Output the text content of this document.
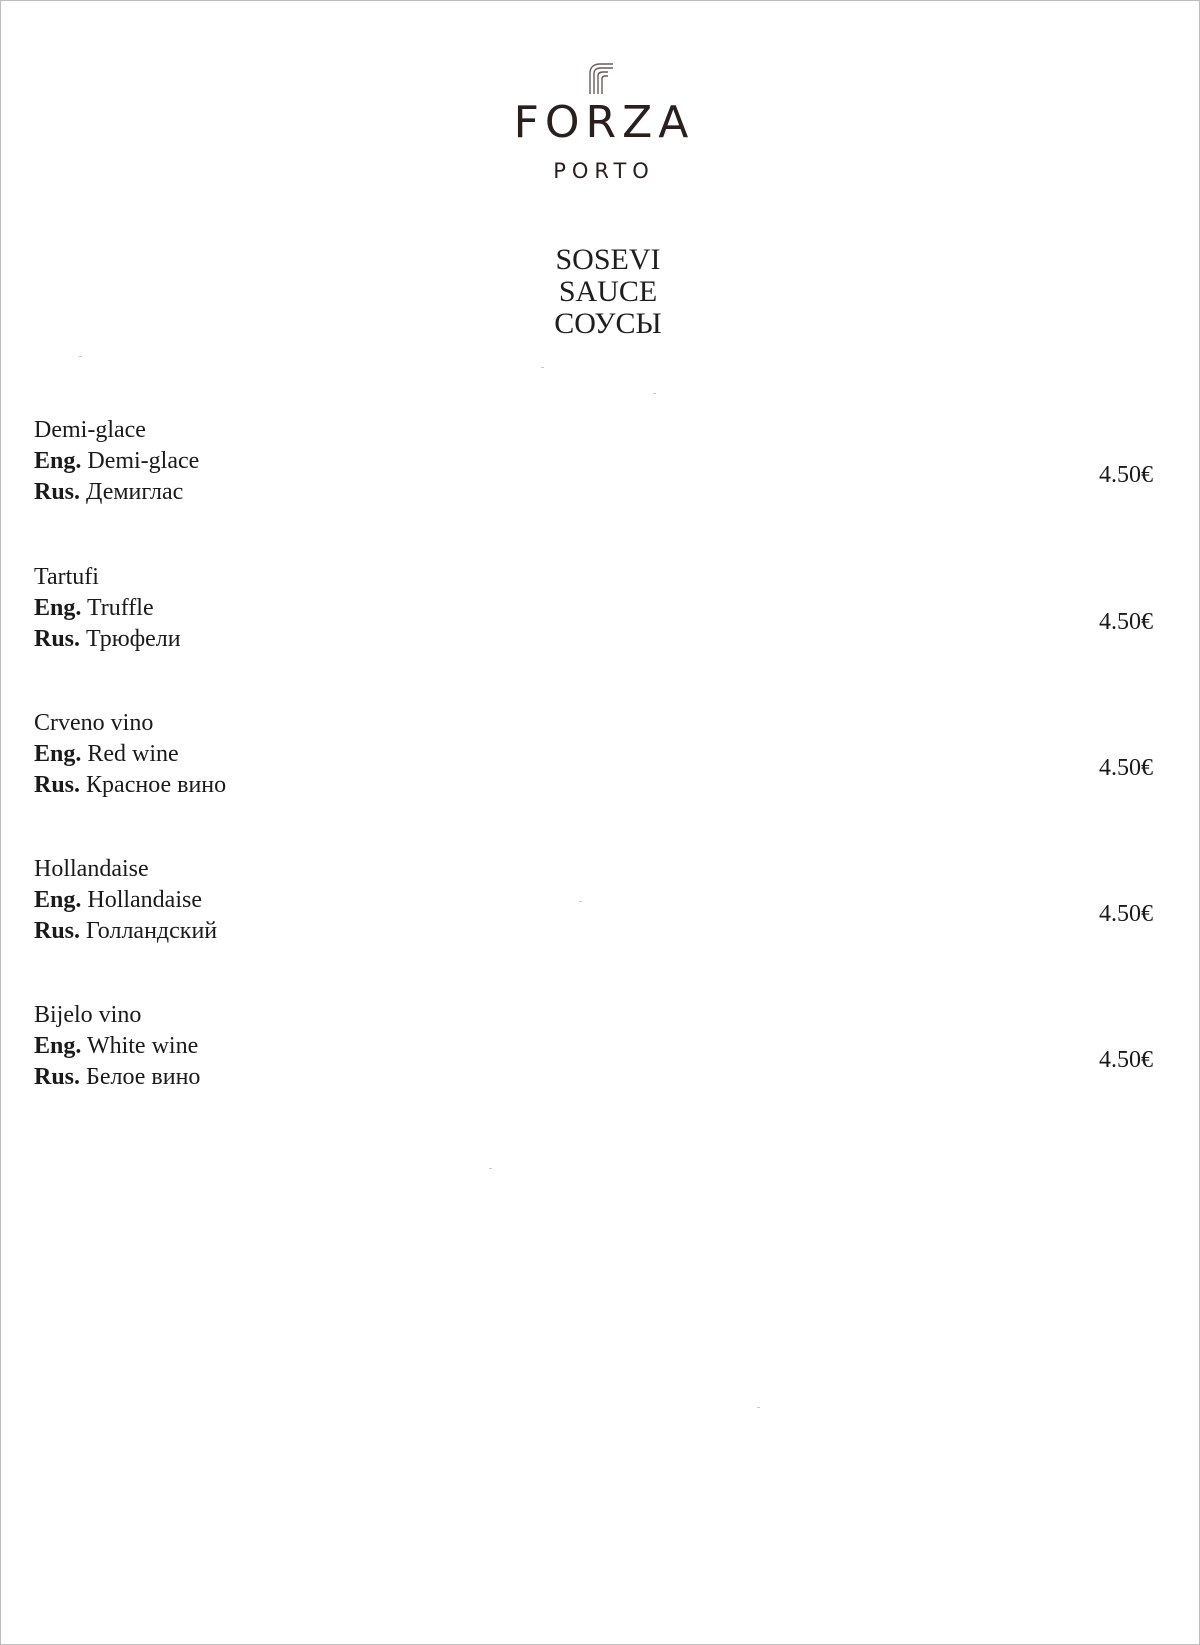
FORZA
PORTO
SOSEVI
SAUCE
СОУСЫ
Demi-glace
Eng. Demi-glace
Rus. Демиглас
4.50€
Tartufi
Eng. Truffle
Rus. Трюфели
4.50€
Crveno vino
Eng. Red wine
Rus. Красное вино
4.50€
Hollandaise
Eng. Hollandaise
Rus. Голландский
4.50€
Bijelo vino
Eng. White wine
Rus. Белое вино
4.50€
